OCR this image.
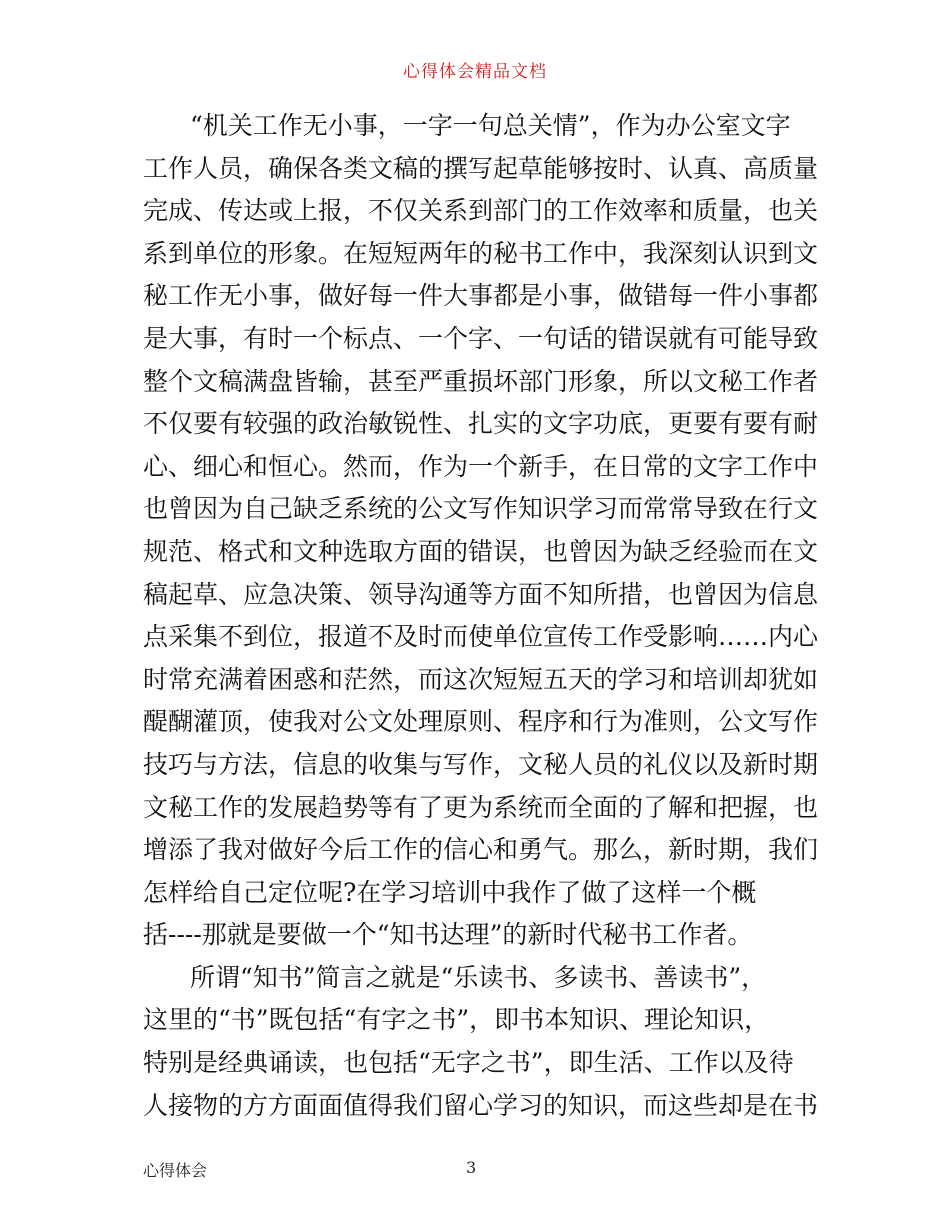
心得体会精品文档
“机关工作无小事，一字一句总关情”，作为办公室文字
工作人员，确保各类文稿的撰写起草能够按时、认真、高质量
完成、传达或上报，不仅关系到部门的工作效率和质量，也关
系到单位的形象。在短短两年的秘书工作中，我深刻认识到文
秘工作无小事，做好每一件大事都是小事，做错每一件小事都
是大事，有时一个标点、一个字、一句话的错误就有可能导致
整个文稿满盘皆输，甚至严重损坏部门形象，所以文秘工作者
不仅要有较强的政治敏锐性、扎实的文字功底，更要有要有耐
心、细心和恒心。然而，作为一个新手，在日常的文字工作中
也曾因为自己缺乏系统的公文写作知识学习而常常导致在行文
规范、格式和文种选取方面的错误，也曾因为缺乏经验而在文
稿起草、应急决策、领导沟通等方面不知所措，也曾因为信息
点采集不到位，报道不及时而使单位宣传工作受影响……内心
时常充满着困惑和茫然，而这次短短五天的学习和培训却犹如
醍醐灌顶，使我对公文处理原则、程序和行为准则，公文写作
技巧与方法，信息的收集与写作，文秘人员的礼仪以及新时期
文秘工作的发展趋势等有了更为系统而全面的了解和把握，也
增添了我对做好今后工作的信心和勇气。那么，新时期，我们
怎样给自己定位呢?在学习培训中我作了做了这样一个概
括----那就是要做一个“知书达理”的新时代秘书工作者。
所谓“知书”简言之就是“乐读书、多读书、善读书”，
这里的“书”既包括“有字之书”，即书本知识、理论知识，
特别是经典诵读，也包括“无字之书”，即生活、工作以及待
人接物的方方面面值得我们留心学习的知识，而这些却是在书
心得体会	3
